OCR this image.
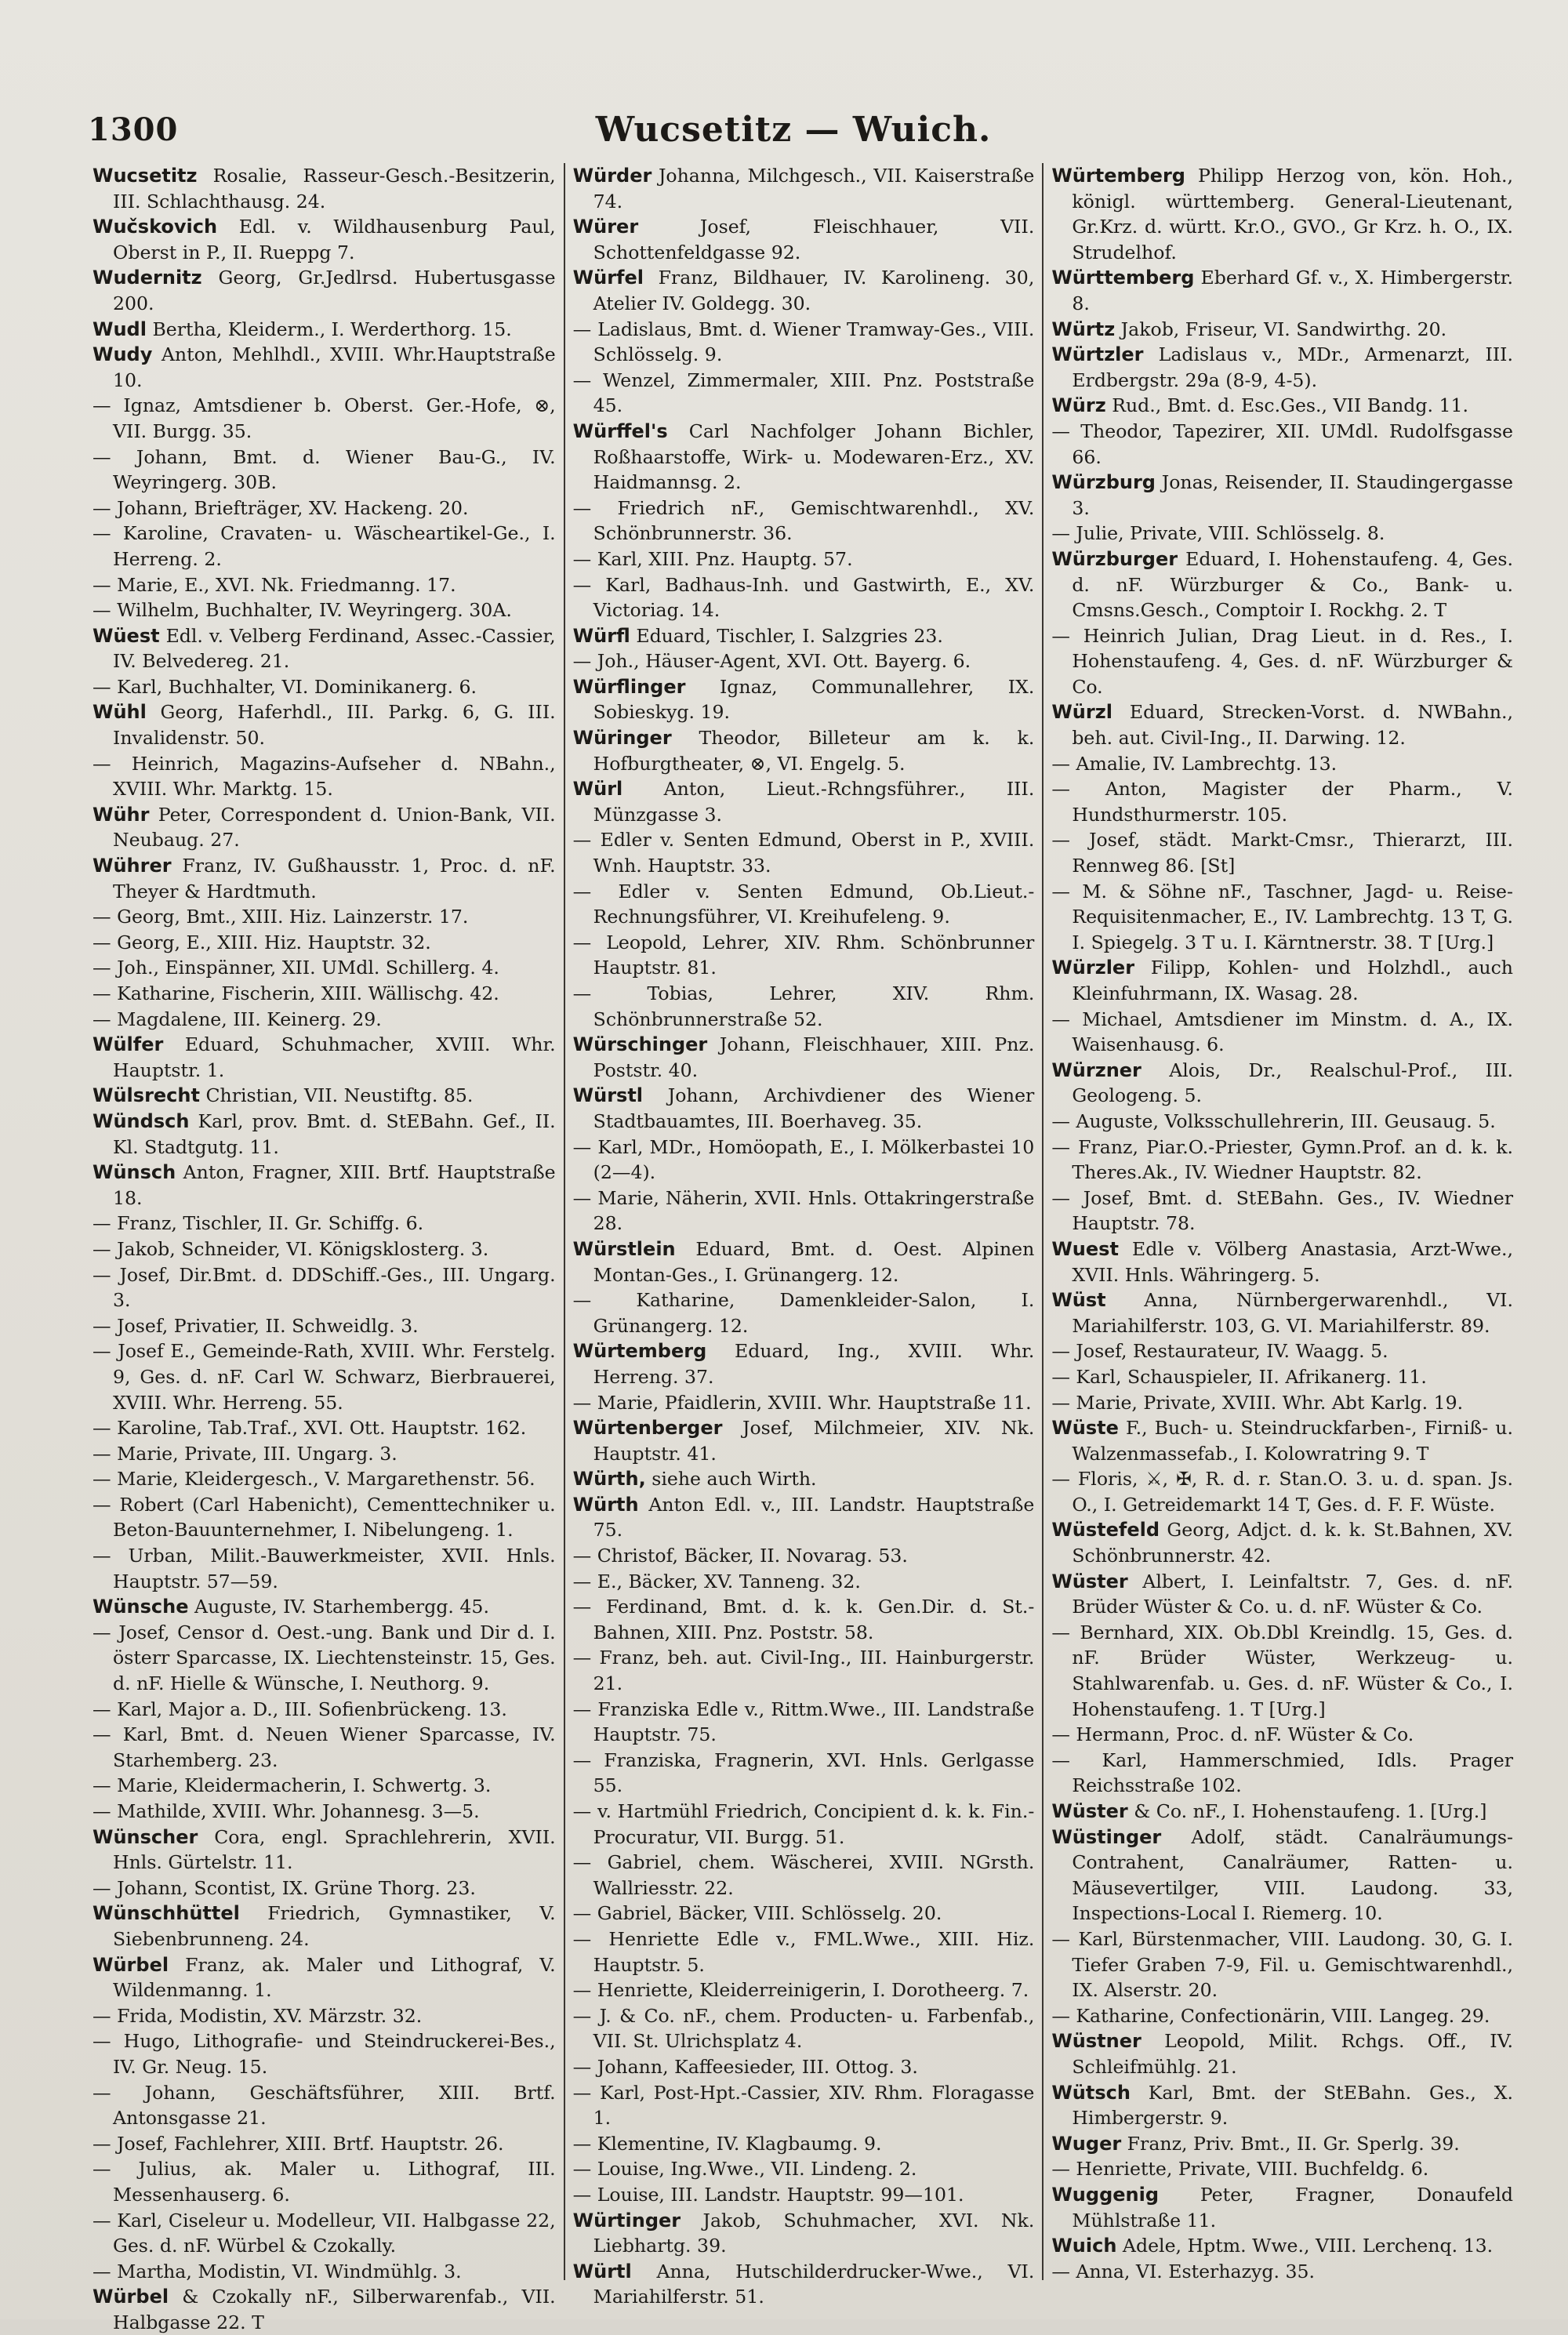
1300	Wucsetitz — Wuich.
Wucsetitz Rosalie, Rasseur-Gesch.-Besitzerin, III. Schlachthausg. 24.
Wučskovich Edl. v. Wildhausenburg Paul, Oberst in P., II. Rueppg 7.
Wudernitz Georg, Gr.Jedlrsd. Hubertusgasse 200.
Wudl Bertha, Kleiderm., I. Werderthorg. 15.
Wudy Anton, Mehlhdl., XVIII. Whr.Hauptstraße 10.
— Ignaz, Amtsdiener b. Oberst. Ger.-Hofe, ⊗, VII. Burgg. 35.
— Johann, Bmt. d. Wiener Bau-G., IV. Weyringerg. 30B.
— Johann, Briefträger, XV. Hackeng. 20.
— Karoline, Cravaten- u. Wäscheartikel-Ge., I. Herreng. 2.
— Marie, E., XVI. Nk. Friedmanng. 17.
— Wilhelm, Buchhalter, IV. Weyringerg. 30A.
Wüest Edl. v. Velberg Ferdinand, Assec.-Cassier, IV. Belvedereg. 21.
— Karl, Buchhalter, VI. Dominikanerg. 6.
Wühl Georg, Haferhdl., III. Parkg. 6, G. III. Invalidenstr. 50.
— Heinrich, Magazins-Aufseher d. NBahn., XVIII. Whr. Marktg. 15.
Wühr Peter, Correspondent d. Union-Bank, VII. Neubaug. 27.
Wührer Franz, IV. Gußhausstr. 1, Proc. d. nF. Theyer & Hardtmuth.
— Georg, Bmt., XIII. Hiz. Lainzerstr. 17.
— Georg, E., XIII. Hiz. Hauptstr. 32.
— Joh., Einspänner, XII. UMdl. Schillerg. 4.
— Katharine, Fischerin, XIII. Wällischg. 42.
— Magdalene, III. Keinerg. 29.
Wülfer Eduard, Schuhmacher, XVIII. Whr. Hauptstr. 1.
Wülsrecht Christian, VII. Neustiftg. 85.
Wündsch Karl, prov. Bmt. d. StEBahn. Gef., II. Kl. Stadtgutg. 11.
Wünsch Anton, Fragner, XIII. Brtf. Hauptstraße 18.
— Franz, Tischler, II. Gr. Schiffg. 6.
— Jakob, Schneider, VI. Königsklosterg. 3.
— Josef, Dir.Bmt. d. DDSchiff.-Ges., III. Ungarg. 3.
— Josef, Privatier, II. Schweidlg. 3.
— Josef E., Gemeinde-Rath, XVIII. Whr. Ferstelg. 9, Ges. d. nF. Carl W. Schwarz, Bierbrauerei, XVIII. Whr. Herreng. 55.
— Karoline, Tab.Traf., XVI. Ott. Hauptstr. 162.
— Marie, Private, III. Ungarg. 3.
— Marie, Kleidergesch., V. Margarethenstr. 56.
— Robert (Carl Habenicht), Cementtechniker u. Beton-Bauunternehmer, I. Nibelungeng. 1.
— Urban, Milit.-Bauwerkmeister, XVII. Hnls. Hauptstr. 57—59.
Wünsche Auguste, IV. Starhembergg. 45.
— Josef, Censor d. Oest.-ung. Bank und Dir d. I. österr Sparcasse, IX. Liechtensteinstr. 15, Ges. d. nF. Hielle & Wünsche, I. Neuthorg. 9.
— Karl, Major a. D., III. Sofienbrückeng. 13.
— Karl, Bmt. d. Neuen Wiener Sparcasse, IV. Starhemberg. 23.
— Marie, Kleidermacherin, I. Schwertg. 3.
— Mathilde, XVIII. Whr. Johannesg. 3—5.
Wünscher Cora, engl. Sprachlehrerin, XVII. Hnls. Gürtelstr. 11.
— Johann, Scontist, IX. Grüne Thorg. 23.
Wünschhüttel Friedrich, Gymnastiker, V. Siebenbrunneng. 24.
Würbel Franz, ak. Maler und Lithograf, V. Wildenmanng. 1.
— Frida, Modistin, XV. Märzstr. 32.
— Hugo, Lithografie- und Steindruckerei-Bes., IV. Gr. Neug. 15.
— Johann, Geschäftsführer, XIII. Brtf. Antonsgasse 21.
— Josef, Fachlehrer, XIII. Brtf. Hauptstr. 26.
— Julius, ak. Maler u. Lithograf, III. Messenhauserg. 6.
— Karl, Ciseleur u. Modelleur, VII. Halbgasse 22, Ges. d. nF. Würbel & Czokally.
— Martha, Modistin, VI. Windmühlg. 3.
Würbel & Czokally nF., Silberwarenfab., VII. Halbgasse 22. T
Würder Johanna, Milchgesch., VII. Kaiserstraße 74.
Würer Josef, Fleischhauer, VII. Schottenfeldgasse 92.
Würfel Franz, Bildhauer, IV. Karolineng. 30, Atelier IV. Goldegg. 30.
— Ladislaus, Bmt. d. Wiener Tramway-Ges., VIII. Schlösselg. 9.
— Wenzel, Zimmermaler, XIII. Pnz. Poststraße 45.
Würffel's Carl Nachfolger Johann Bichler, Roßhaarstoffe, Wirk- u. Modewaren-Erz., XV. Haidmannsg. 2.
— Friedrich nF., Gemischtwarenhdl., XV. Schönbrunnerstr. 36.
— Karl, XIII. Pnz. Hauptg. 57.
— Karl, Badhaus-Inh. und Gastwirth, E., XV. Victoriag. 14.
Würfl Eduard, Tischler, I. Salzgries 23.
— Joh., Häuser-Agent, XVI. Ott. Bayerg. 6.
Würflinger Ignaz, Communallehrer, IX. Sobieskyg. 19.
Würinger Theodor, Billeteur am k. k. Hofburgtheater, ⊗, VI. Engelg. 5.
Würl Anton, Lieut.-Rchngsführer., III. Münzgasse 3.
— Edler v. Senten Edmund, Oberst in P., XVIII. Wnh. Hauptstr. 33.
— Edler v. Senten Edmund, Ob.Lieut.-Rechnungsführer, VI. Kreihufeleng. 9.
— Leopold, Lehrer, XIV. Rhm. Schönbrunner Hauptstr. 81.
— Tobias, Lehrer, XIV. Rhm. Schönbrunnerstraße 52.
Würschinger Johann, Fleischhauer, XIII. Pnz. Poststr. 40.
Würstl Johann, Archivdiener des Wiener Stadtbauamtes, III. Boerhaveg. 35.
— Karl, MDr., Homöopath, E., I. Mölkerbastei 10 (2—4).
— Marie, Näherin, XVII. Hnls. Ottakringerstraße 28.
Würstlein Eduard, Bmt. d. Oest. Alpinen Montan-Ges., I. Grünangerg. 12.
— Katharine, Damenkleider-Salon, I. Grünangerg. 12.
Würtemberg Eduard, Ing., XVIII. Whr. Herreng. 37.
— Marie, Pfaidlerin, XVIII. Whr. Hauptstraße 11.
Würtenberger Josef, Milchmeier, XIV. Nk. Hauptstr. 41.
Würth, siehe auch Wirth.
Würth Anton Edl. v., III. Landstr. Hauptstraße 75.
— Christof, Bäcker, II. Novarag. 53.
— E., Bäcker, XV. Tanneng. 32.
— Ferdinand, Bmt. d. k. k. Gen.Dir. d. St.-Bahnen, XIII. Pnz. Poststr. 58.
— Franz, beh. aut. Civil-Ing., III. Hainburgerstr. 21.
— Franziska Edle v., Rittm.Wwe., III. Landstraße Hauptstr. 75.
— Franziska, Fragnerin, XVI. Hnls. Gerlgasse 55.
— v. Hartmühl Friedrich, Concipient d. k. k. Fin.-Procuratur, VII. Burgg. 51.
— Gabriel, chem. Wäscherei, XVIII. NGrsth. Wallriesstr. 22.
— Gabriel, Bäcker, VIII. Schlösselg. 20.
— Henriette Edle v., FML.Wwe., XIII. Hiz. Hauptstr. 5.
— Henriette, Kleiderreinigerin, I. Dorotheerg. 7.
— J. & Co. nF., chem. Producten- u. Farbenfab., VII. St. Ulrichsplatz 4.
— Johann, Kaffeesieder, III. Ottog. 3.
— Karl, Post-Hpt.-Cassier, XIV. Rhm. Floragasse 1.
— Klementine, IV. Klagbaumg. 9.
— Louise, Ing.Wwe., VII. Lindeng. 2.
— Louise, III. Landstr. Hauptstr. 99—101.
Würtinger Jakob, Schuhmacher, XVI. Nk. Liebhartg. 39.
Würtl Anna, Hutschilderdrucker-Wwe., VI. Mariahilferstr. 51.
Würtemberg Philipp Herzog von, kön. Hoh., königl. württemberg. General-Lieutenant, Gr.Krz. d. württ. Kr.O., GVO., Gr Krz. h. O., IX. Strudelhof.
Württemberg Eberhard Gf. v., X. Himbergerstr. 8.
Würtz Jakob, Friseur, VI. Sandwirthg. 20.
Würtzler Ladislaus v., MDr., Armenarzt, III. Erdbergstr. 29a (8-9, 4-5).
Würz Rud., Bmt. d. Esc.Ges., VII Bandg. 11.
— Theodor, Tapezirer, XII. UMdl. Rudolfsgasse 66.
Würzburg Jonas, Reisender, II. Staudingergasse 3.
— Julie, Private, VIII. Schlösselg. 8.
Würzburger Eduard, I. Hohenstaufeng. 4, Ges. d. nF. Würzburger & Co., Bank- u. Cmsns.Gesch., Comptoir I. Rockhg. 2. T
— Heinrich Julian, Drag Lieut. in d. Res., I. Hohenstaufeng. 4, Ges. d. nF. Würzburger & Co.
Würzl Eduard, Strecken-Vorst. d. NWBahn., beh. aut. Civil-Ing., II. Darwing. 12.
— Amalie, IV. Lambrechtg. 13.
— Anton, Magister der Pharm., V. Hundsthurmerstr. 105.
— Josef, städt. Markt-Cmsr., Thierarzt, III. Rennweg 86. [St]
— M. & Söhne nF., Taschner, Jagd- u. Reise-Requisitenmacher, E., IV. Lambrechtg. 13 T, G. I. Spiegelg. 3 T u. I. Kärntnerstr. 38. T [Urg.]
Würzler Filipp, Kohlen- und Holzhdl., auch Kleinfuhrmann, IX. Wasag. 28.
— Michael, Amtsdiener im Minstm. d. A., IX. Waisenhausg. 6.
Würzner Alois, Dr., Realschul-Prof., III. Geologeng. 5.
— Auguste, Volksschullehrerin, III. Geusaug. 5.
— Franz, Piar.O.-Priester, Gymn.Prof. an d. k. k. Theres.Ak., IV. Wiedner Hauptstr. 82.
— Josef, Bmt. d. StEBahn. Ges., IV. Wiedner Hauptstr. 78.
Wuest Edle v. Völberg Anastasia, Arzt-Wwe., XVII. Hnls. Währingerg. 5.
Wüst Anna, Nürnbergerwarenhdl., VI. Mariahilferstr. 103, G. VI. Mariahilferstr. 89.
— Josef, Restaurateur, IV. Waagg. 5.
— Karl, Schauspieler, II. Afrikanerg. 11.
— Marie, Private, XVIII. Whr. Abt Karlg. 19.
Wüste F., Buch- u. Steindruckfarben-, Firniß- u. Walzenmassefab., I. Kolowratring 9. T
— Floris, ⚔, ✠, R. d. r. Stan.O. 3. u. d. span. Js. O., I. Getreidemarkt 14 T, Ges. d. F. F. Wüste.
Wüstefeld Georg, Adjct. d. k. k. St.Bahnen, XV. Schönbrunnerstr. 42.
Wüster Albert, I. Leinfaltstr. 7, Ges. d. nF. Brüder Wüster & Co. u. d. nF. Wüster & Co.
— Bernhard, XIX. Ob.Dbl Kreindlg. 15, Ges. d. nF. Brüder Wüster, Werkzeug- u. Stahlwarenfab. u. Ges. d. nF. Wüster & Co., I. Hohenstaufeng. 1. T [Urg.]
— Hermann, Proc. d. nF. Wüster & Co.
— Karl, Hammerschmied, Idls. Prager Reichsstraße 102.
Wüster & Co. nF., I. Hohenstaufeng. 1. [Urg.]
Wüstinger Adolf, städt. Canalräumungs-Contrahent, Canalräumer, Ratten- u. Mäusevertilger, VIII. Laudong. 33, Inspections-Local I. Riemerg. 10.
— Karl, Bürstenmacher, VIII. Laudong. 30, G. I. Tiefer Graben 7-9, Fil. u. Gemischtwarenhdl., IX. Alserstr. 20.
— Katharine, Confectionärin, VIII. Langeg. 29.
Wüstner Leopold, Milit. Rchgs. Off., IV. Schleifmühlg. 21.
Wütsch Karl, Bmt. der StEBahn. Ges., X. Himbergerstr. 9.
Wuger Franz, Priv. Bmt., II. Gr. Sperlg. 39.
— Henriette, Private, VIII. Buchfeldg. 6.
Wuggenig Peter, Fragner, Donaufeld Mühlstraße 11.
Wuich Adele, Hptm. Wwe., VIII. Lerchenq. 13.
— Anna, VI. Esterhazyg. 35.
